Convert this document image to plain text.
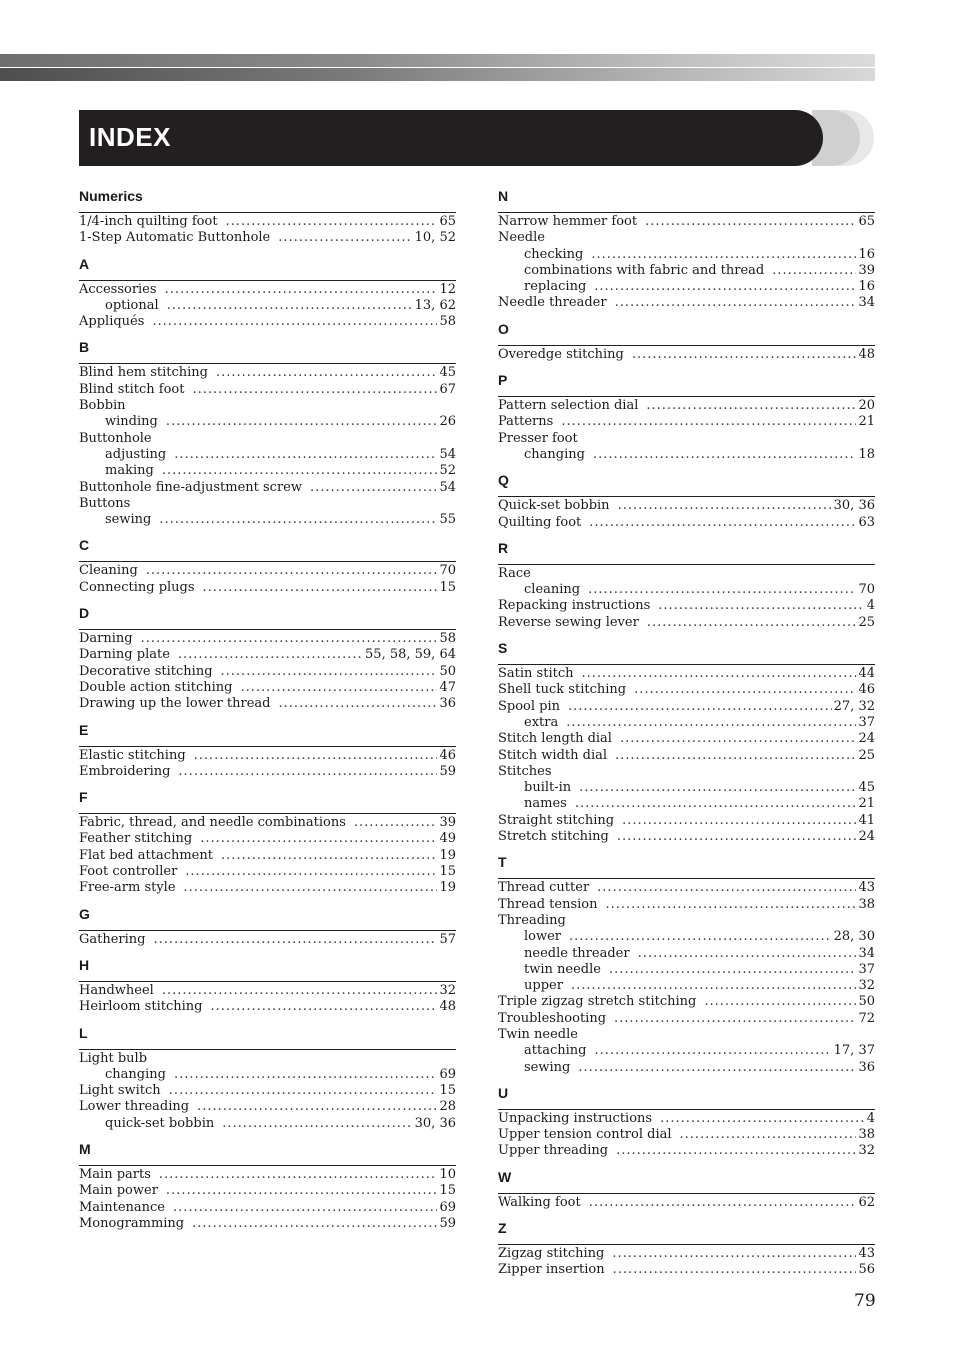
INDEX
Numerics
1/4-inch quilting foot .....	65
1-Step Automatic Buttonhole .....	10, 52
A
Accessories .....	12
optional .....	13, 62
Appliqués .....	58
B
Blind hem stitching .....	45
Blind stitch foot .....	67
Bobbin
winding .....	26
Buttonhole
adjusting .....	54
making .....	52
Buttonhole fine-adjustment screw .....	54
Buttons
sewing .....	55
C
Cleaning .....	70
Connecting plugs .....	15
D
Darning .....	58
Darning plate .....	55, 58, 59, 64
Decorative stitching .....	50
Double action stitching .....	47
Drawing up the lower thread .....	36
E
Elastic stitching .....	46
Embroidering .....	59
F
Fabric, thread, and needle combinations .....	39
Feather stitching .....	49
Flat bed attachment .....	19
Foot controller .....	15
Free-arm style .....	19
G
Gathering .....	57
H
Handwheel .....	32
Heirloom stitching .....	48
L
Light bulb
changing .....	69
Light switch .....	15
Lower threading .....	28
quick-set bobbin .....	30, 36
M
Main parts .....	10
Main power .....	15
Maintenance .....	69
Monogramming .....	59
N
Narrow hemmer foot .....	65
Needle
checking .....	16
combinations with fabric and thread .....	39
replacing .....	16
Needle threader .....	34
O
Overedge stitching .....	48
P
Pattern selection dial .....	20
Patterns .....	21
Presser foot
changing .....	18
Q
Quick-set bobbin .....	30, 36
Quilting foot .....	63
R
Race
cleaning .....	70
Repacking instructions .....	4
Reverse sewing lever .....	25
S
Satin stitch .....	44
Shell tuck stitching .....	46
Spool pin .....	27, 32
extra .....	37
Stitch length dial .....	24
Stitch width dial .....	25
Stitches
built-in .....	45
names .....	21
Straight stitching .....	41
Stretch stitching .....	24
T
Thread cutter .....	43
Thread tension .....	38
Threading
lower .....	28, 30
needle threader .....	34
twin needle .....	37
upper .....	32
Triple zigzag stretch stitching .....	50
Troubleshooting .....	72
Twin needle
attaching .....	17, 37
sewing .....	36
U
Unpacking instructions .....	4
Upper tension control dial .....	38
Upper threading .....	32
W
Walking foot .....	62
Z
Zigzag stitching .....	43
Zipper insertion .....	56
79
